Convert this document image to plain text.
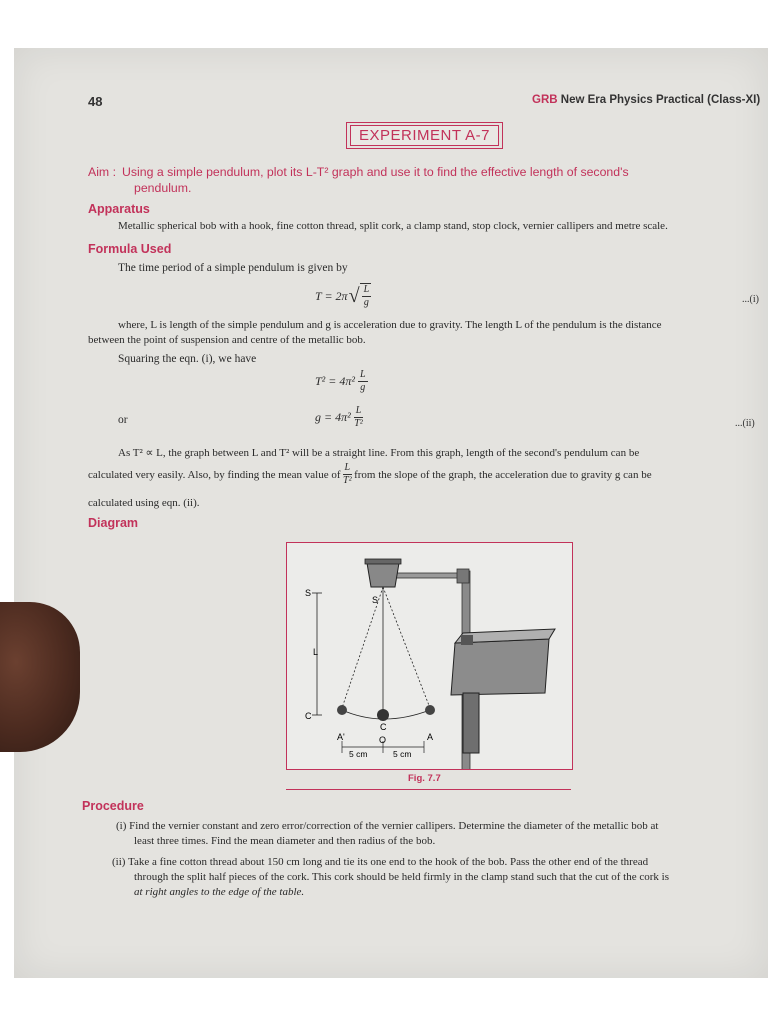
48	GRB New Era Physics Practical (Class-XI)
EXPERIMENT A-7
Aim : Using a simple pendulum, plot its L-T² graph and use it to find the effective length of second's
pendulum.
Apparatus
Metallic spherical bob with a hook, fine cotton thread, split cork, a clamp stand, stop clock, vernier callipers and metre scale.
Formula Used
The time period of a simple pendulum is given by
T = 2π √ $\frac{L}{g}$	...(i)
where, L is length of the simple pendulum and g is acceleration due to gravity. The length L of the pendulum is the distance
between the point of suspension and centre of the metallic bob.
Squaring the eqn. (i), we have
$T^2 = 4\pi^2 \frac{L}{g}$
or	$g = 4\pi^2 \frac{L}{\text{T²}}$	...(ii)
As T² ∝ L, the graph between L and T² will be a straight line. From this graph, length of the second's pendulum can be
calculated very easily. Also, by finding the mean value of $\frac{L}{\text{T²}}$ from the slope of the graph, the acceleration due to gravity g can be
calculated using eqn. (ii).
Diagram
S
S
L
C
C
O
A'	A
5 cm	5 cm
Fig. 7.7
Procedure
(i) Find the vernier constant and zero error/correction of the vernier callipers. Determine the diameter of the metallic bob at
least three times. Find the mean diameter and then radius of the bob.
(ii) Take a fine cotton thread about 150 cm long and tie its one end to the hook of the bob. Pass the other end of the thread
through the split half pieces of the cork. This cork should be held firmly in the clamp stand such that the cut of the cork is
at right angles to the edge of the table.
